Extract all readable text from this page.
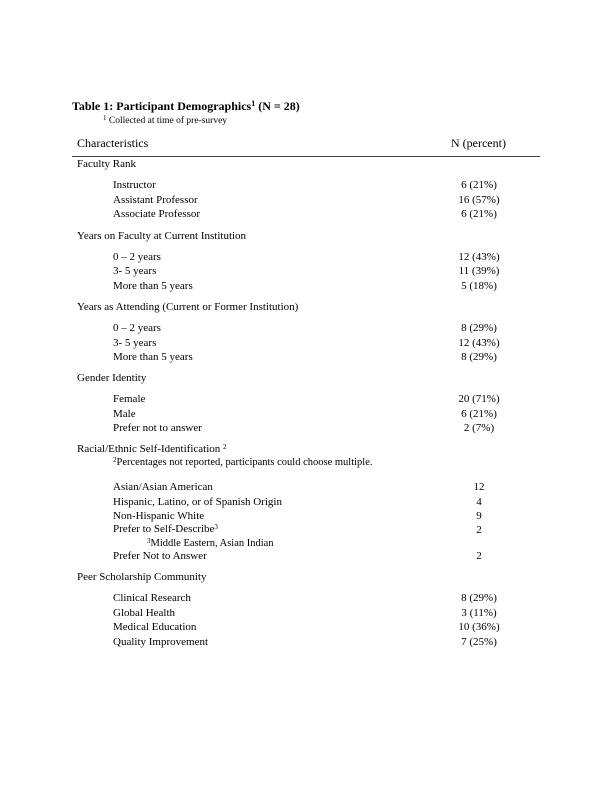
Table 1: Participant Demographics$^1$ (N = 28)
$^1$ Collected at time of pre-survey
Characteristics	N (percent)
Faculty Rank
Instructor	6 (21%)
Assistant Professor	16 (57%)
Associate Professor	6 (21%)
Years on Faculty at Current Institution
0 – 2 years	12 (43%)
3- 5 years	11 (39%)
More than 5 years	5 (18%)
Years as Attending (Current or Former Institution)
0 – 2 years	8 (29%)
3- 5 years	12 (43%)
More than 5 years	8 (29%)
Gender Identity
Female	20 (71%)
Male	6 (21%)
Prefer not to answer	2 (7%)
Racial/Ethnic Self-Identification $^2$
$^2$Percentages not reported, participants could choose multiple.
Asian/Asian American	12
Hispanic, Latino, or of Spanish Origin	4
Non-Hispanic White	9
Prefer to Self-Describe$^3$	2
$^3$Middle Eastern, Asian Indian
Prefer Not to Answer	2
Peer Scholarship Community
Clinical Research	8 (29%)
Global Health	3 (11%)
Medical Education	10 (36%)
Quality Improvement	7 (25%)
